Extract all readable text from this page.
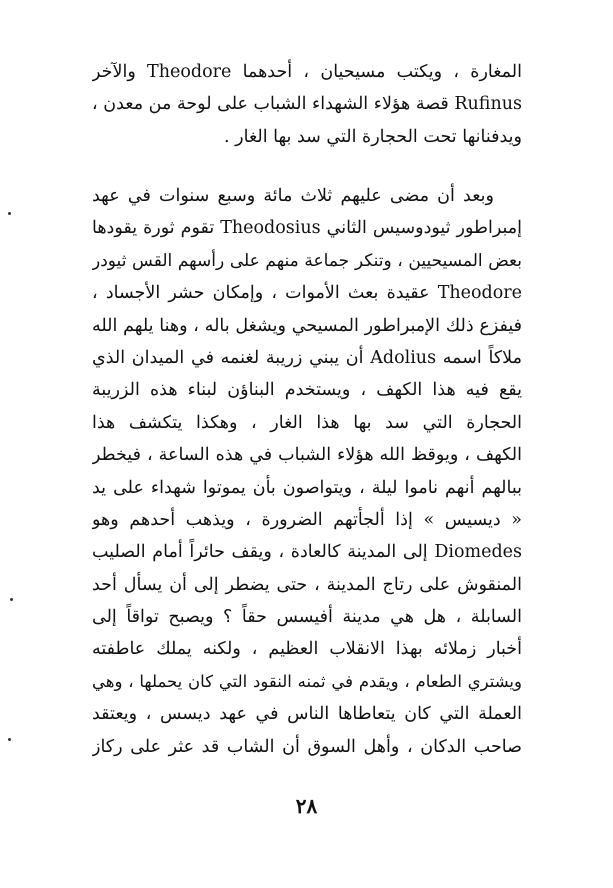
المغارة ، ويكتب مسيحيان ، أحدهما Theodore والآخر
Rufinus قصة هؤلاء الشهداء الشباب على لوحة من معدن ،
ويدفنانها تحت الحجارة التي سد بها الغار .
وبعد أن مضى عليهم ثلاث مائة وسبع سنوات في عهد
إمبراطور ثيودوسيس الثاني Theodosius تقوم ثورة يقودها
بعض المسيحيين ، وتنكر جماعة منهم على رأسهم القس ثيودر
Theodore عقيدة بعث الأموات ، وإمكان حشر الأجساد ،
فيفزع ذلك الإمبراطور المسيحي ويشغل باله ، وهنا يلهم الله
ملاكاً اسمه Adolius أن يبني زريبة لغنمه في الميدان الذي
يقع فيه هذا الكهف ، ويستخدم البناؤن لبناء هذه الزريبة
الحجارة التي سد بها هذا الغار ، وهكذا يتكشف هذا
الكهف ، ويوقظ الله هؤلاء الشباب في هذه الساعة ، فيخطر
ببالهم أنهم ناموا ليلة ، ويتواصون بأن يموتوا شهداء على يد
« ديسيس » إذا ألجأتهم الضرورة ، ويذهب أحدهم وهو
Diomedes إلى المدينة كالعادة ، ويقف حائراً أمام الصليب
المنقوش على رتاج المدينة ، حتى يضطر إلى أن يسأل أحد
السابلة ، هل هي مدينة أفيسس حقاً ؟ ويصبح تواقاً إلى
أخبار زملائه بهذا الانقلاب العظيم ، ولكنه يملك عاطفته
ويشتري الطعام ، ويقدم في ثمنه النقود التي كان يحملها ، وهي
العملة التي كان يتعاطاها الناس في عهد ديسس ، ويعتقد
صاحب الدكان ، وأهل السوق أن الشاب قد عثر على ركاز
٢٨
